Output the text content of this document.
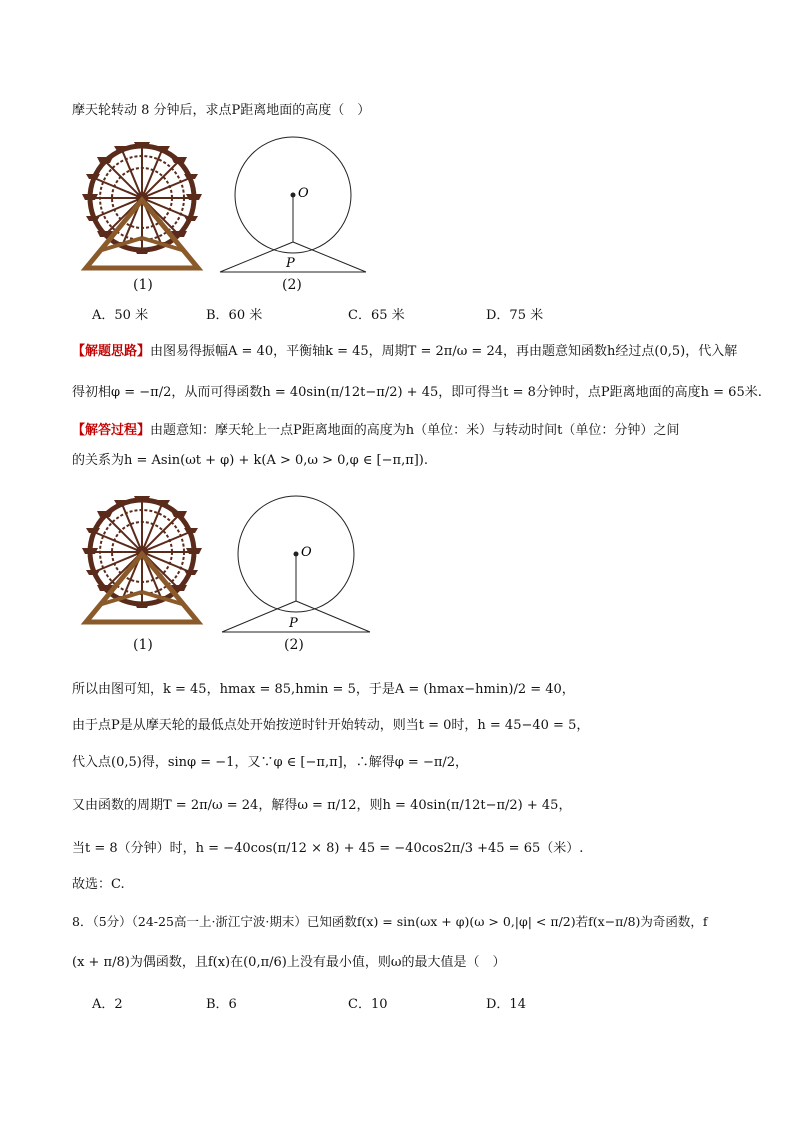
摩天轮转动 8 分钟后，求点P距离地面的高度（　）
(1)
O
P
(2)
A．50 米	B．60 米	C．65 米	D．75 米
【解题思路】由图易得振幅A = 40，平衡轴k = 45，周期T = 2π/ω = 24，再由题意知函数h经过点(0,5)，代入解
得初相φ = −π/2，从而可得函数h = 40sin(π/12t−π/2) + 45，即可得当t = 8分钟时，点P距离地面的高度h = 65米.
【解答过程】由题意知：摩天轮上一点P距离地面的高度为h（单位：米）与转动时间t（单位：分钟）之间
的关系为h = Asin(ωt + φ) + k(A > 0,ω > 0,φ ∈ [−π,π]).
(1)
O
P
(2)
所以由图可知，k = 45，hmax = 85,hmin = 5，于是A = (hmax−hmin)/2 = 40，
由于点P是从摩天轮的最低点处开始按逆时针开始转动，则当t = 0时，h = 45−40 = 5，
代入点(0,5)得，sinφ = −1，又∵φ ∈ [−π,π]，∴解得φ = −π/2，
又由函数的周期T = 2π/ω = 24，解得ω = π/12，则h = 40sin(π/12t−π/2) + 45，
当t = 8（分钟）时，h = −40cos(π/12 × 8) + 45 = −40cos2π/3 +45 = 65（米）.
故选：C.
8．（5分）（24-25高一上·浙江宁波·期末）已知函数f(x) = sin(ωx + φ)(ω > 0,|φ| < π/2)若f(x−π/8)为奇函数，f
(x + π/8)为偶函数，且f(x)在(0,π/6)上没有最小值，则ω的最大值是（　）
A．2	B．6	C．10	D．14
